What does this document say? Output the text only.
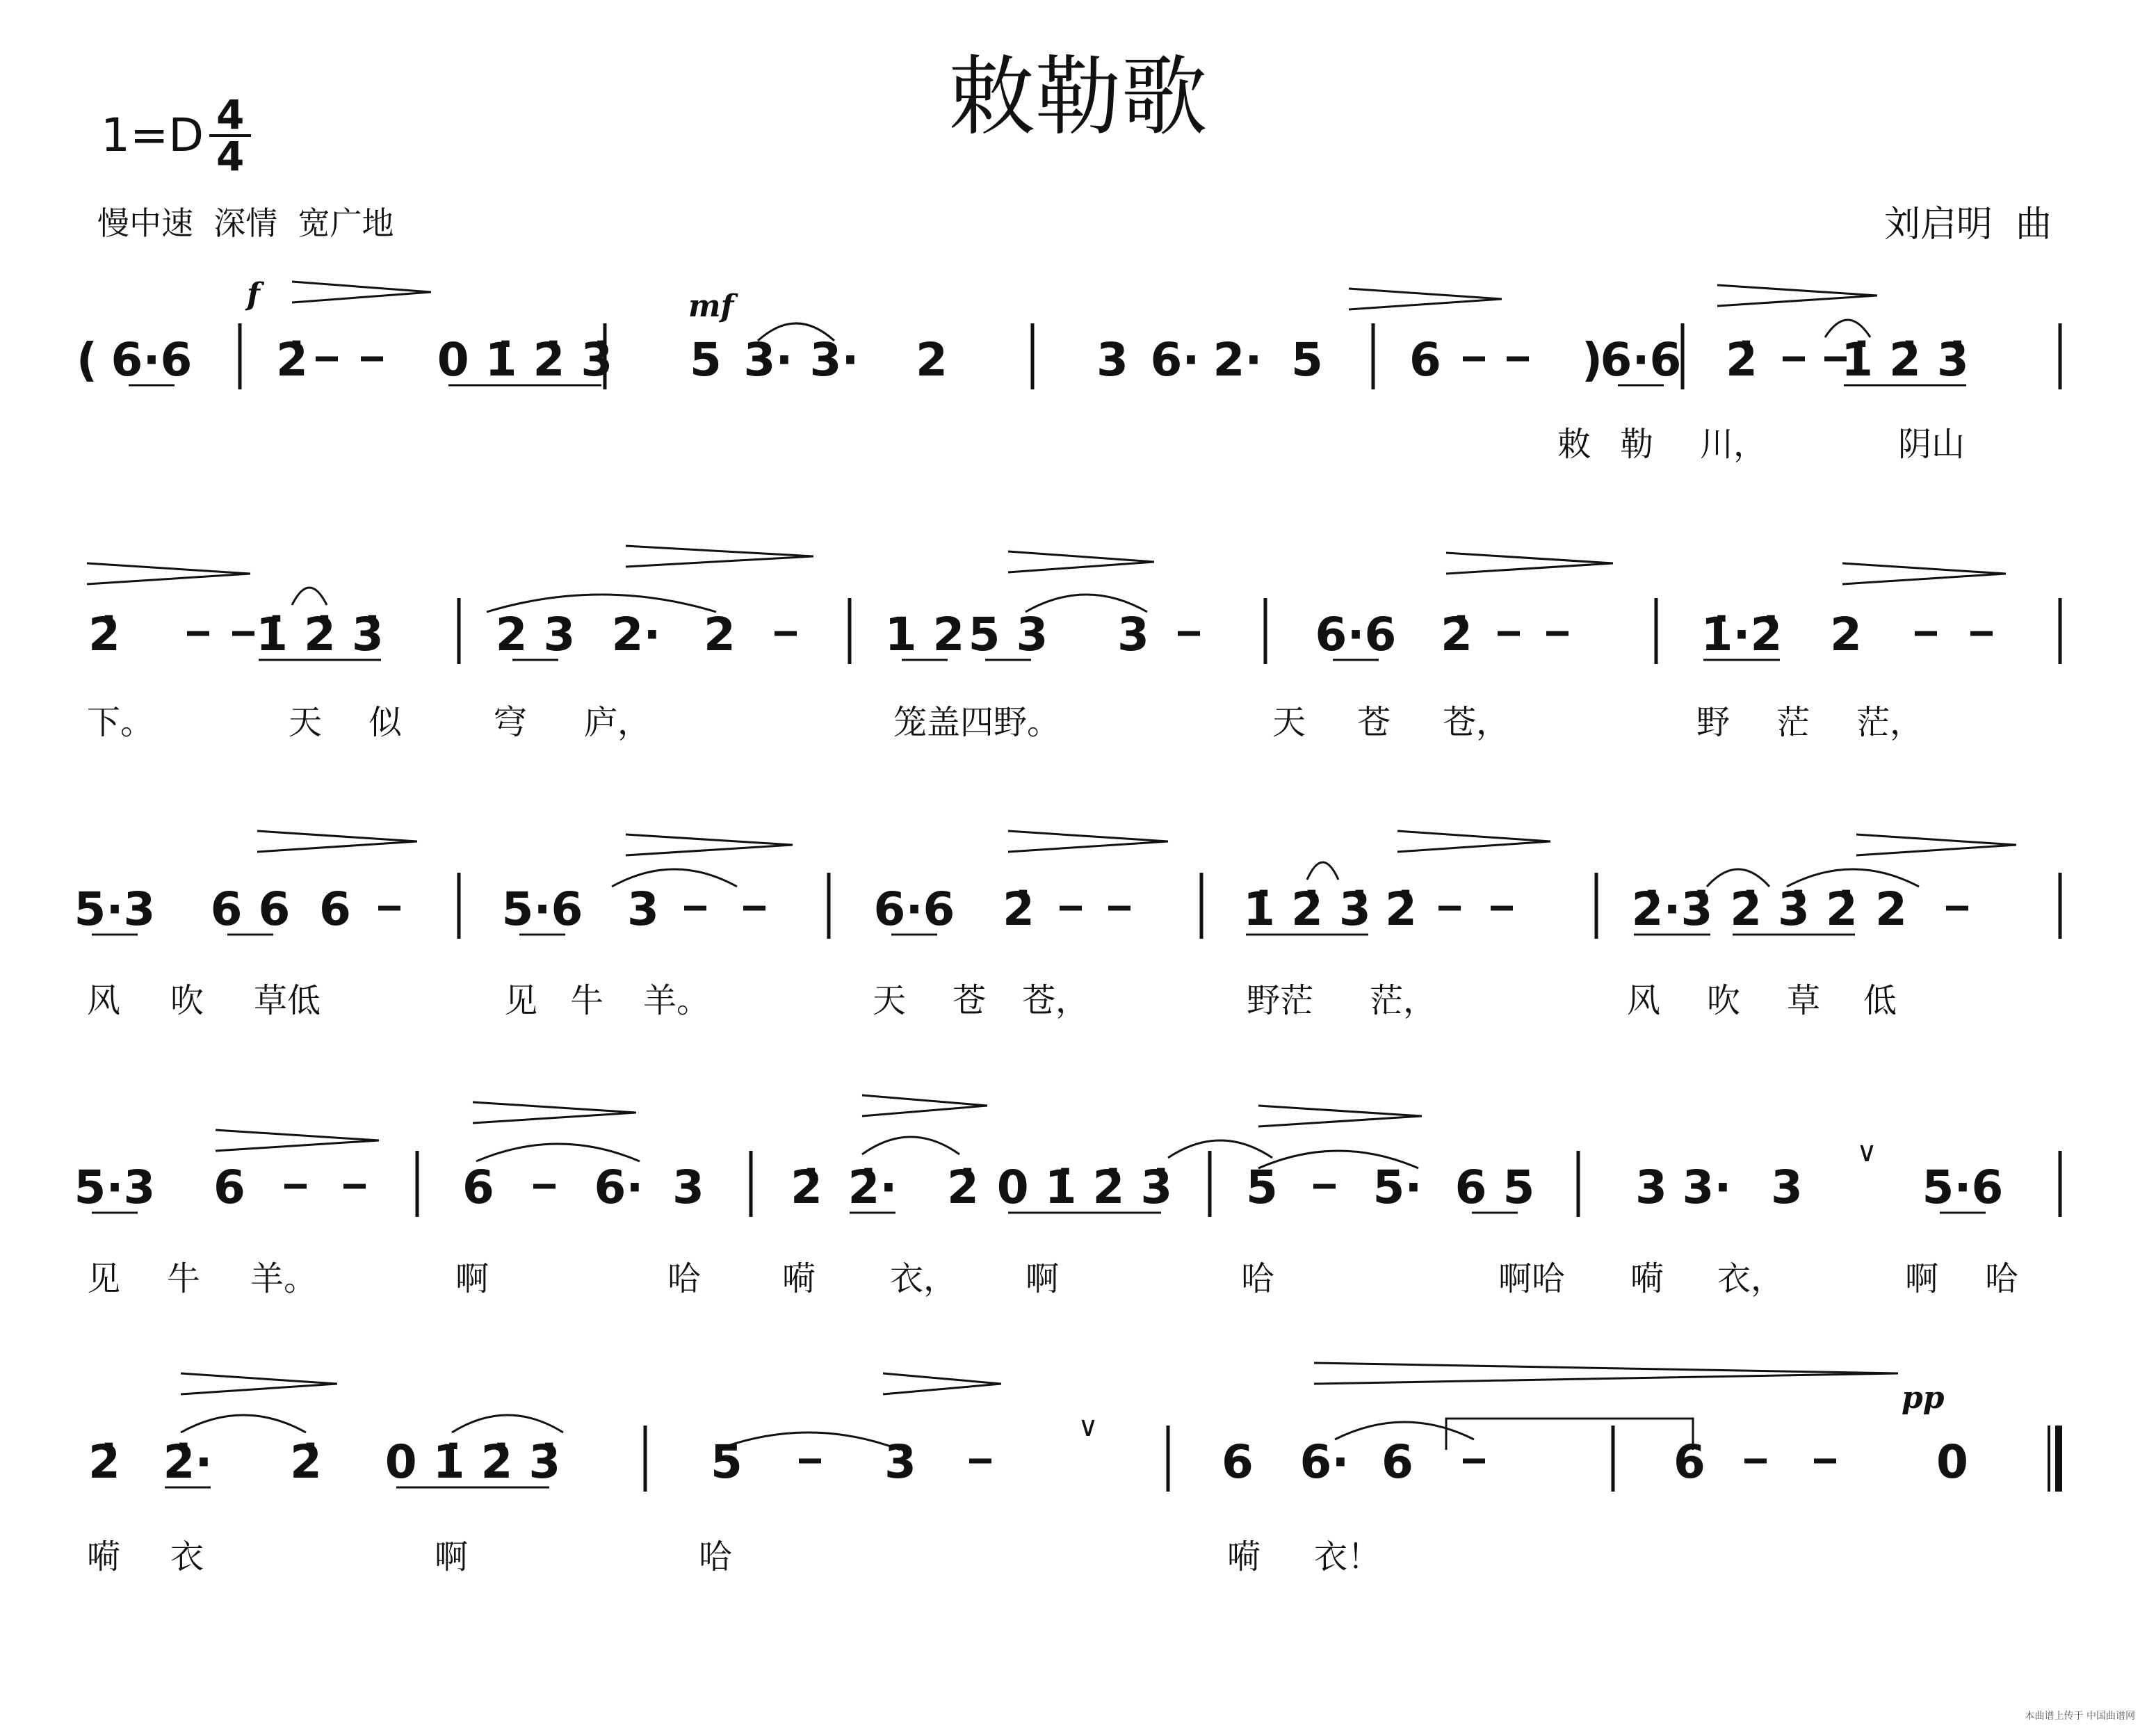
敕勒歌
1=D 4
4
慢中速  深情  宽广地	刘启明  曲
本曲谱上传于 中国曲谱网
f	mf
pp
( 6·6 2̇	0 1̇ 2̇ 3̇ 5 3· 3· 2	3 6· 2· 5 6	)
6·6 2̇ 1̇ 2̇ 3̇
2̇	1̇ 2̇ 3̇ 2 3 2· 2	1 2 5 3 3	6·6 2̇	1̇·2̇ 2
5·3 6 6 6	5·6 3	6·6 2̇	1̇ 2̇ 3̇ 2̇	2̇·3̇ 2̇ 3̇ 2̇ 2
5·3 6	6 6· 3 2̇ 2̇· 2̇ 0 1̇ 2̇ 3̇ 5 5· 6 5 3 3· 3
∨
5·6
2̇ 2̇· 2̇ 0 1̇ 2̇ 3̇	5	3
∨
6 6· 6	6	0
敕 勒 川，	阴山
下。	天 似	穹 庐，	笼盖四野。	天 苍 苍，	野 茫 茫，
风 吹 草低	见 牛 羊。	天 苍 苍，	野茫 茫，	风 吹 草 低
见 牛 羊。	啊	哈 嗬 衣， 啊	哈	啊哈 嗬 衣，	啊 哈
嗬 衣	啊	哈	嗬 衣！
